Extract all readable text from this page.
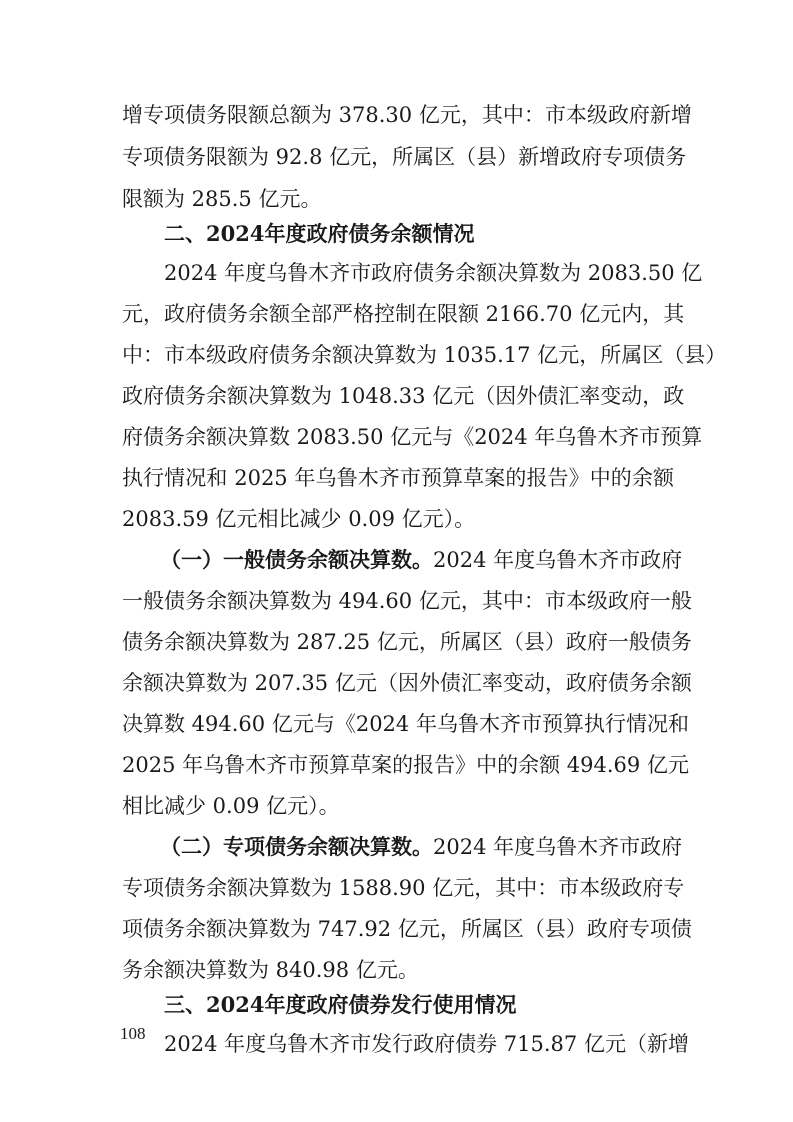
增专项债务限额总额为 378.30 亿元，其中：市本级政府新增
专项债务限额为 92.8 亿元，所属区（县）新增政府专项债务
限额为 285.5 亿元。
二、2024年度政府债务余额情况
2024 年度乌鲁木齐市政府债务余额决算数为 2083.50 亿
元，政府债务余额全部严格控制在限额 2166.70 亿元内，其
中：市本级政府债务余额决算数为 1035.17 亿元，所属区（县）
政府债务余额决算数为 1048.33 亿元（因外债汇率变动，政
府债务余额决算数 2083.50 亿元与《2024 年乌鲁木齐市预算
执行情况和 2025 年乌鲁木齐市预算草案的报告》中的余额
2083.59 亿元相比减少 0.09 亿元）。
（一）一般债务余额决算数。2024 年度乌鲁木齐市政府
一般债务余额决算数为 494.60 亿元，其中：市本级政府一般
债务余额决算数为 287.25 亿元，所属区（县）政府一般债务
余额决算数为 207.35 亿元（因外债汇率变动，政府债务余额
决算数 494.60 亿元与《2024 年乌鲁木齐市预算执行情况和
2025 年乌鲁木齐市预算草案的报告》中的余额 494.69 亿元
相比减少 0.09 亿元）。
（二）专项债务余额决算数。2024 年度乌鲁木齐市政府
专项债务余额决算数为 1588.90 亿元，其中：市本级政府专
项债务余额决算数为 747.92 亿元，所属区（县）政府专项债
务余额决算数为 840.98 亿元。
三、2024年度政府债券发行使用情况
2024 年度乌鲁木齐市发行政府债券 715.87 亿元（新增
108
